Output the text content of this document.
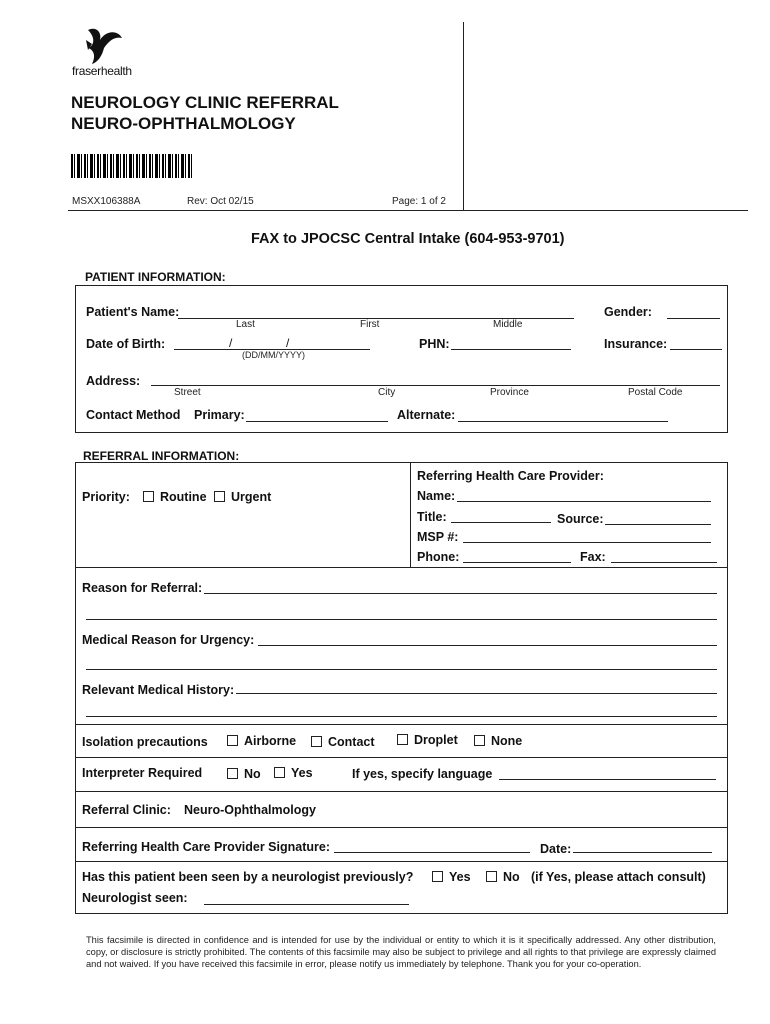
fraserhealth
NEUROLOGY CLINIC REFERRAL
NEURO-OPHTHALMOLOGY
MSXX106388A	Rev: Oct 02/15	Page: 1 of 2
FAX to JPOCSC Central Intake (604-953-9701)
PATIENT INFORMATION:
Patient's Name:
Last	First	Middle
Gender:
Date of Birth:	/	/
(DD/MM/YYYY)
PHN:	Insurance:
Address:
Street	City	Province	Postal Code
Contact Method Primary:	Alternate:
REFERRAL INFORMATION:
Priority:	Routine	Urgent
Referring Health Care Provider:
Name:
Title:	Source:
MSP #:
Phone:	Fax:
Reason for Referral:
Medical Reason for Urgency:
Relevant Medical History:
Isolation precautions	Airborne	Contact	Droplet	None
Interpreter Required	No	Yes	If yes, specify language
Referral Clinic: Neuro-Ophthalmology
Referring Health Care Provider Signature:	Date:
Has this patient been seen by a neurologist previously?	Yes	No (if Yes, please attach consult)
Neurologist seen:
This facsimile is directed in confidence and is intended for use by the individual or entity to which it is it specifically addressed. Any other distribution, copy, or disclosure is strictly prohibited. The contents of this facsimile may also be subject to privilege and all rights to that privilege are expressly claimed and not waived. If you have received this facsimile in error, please notify us immediately by telephone. Thank you for your co-operation.
